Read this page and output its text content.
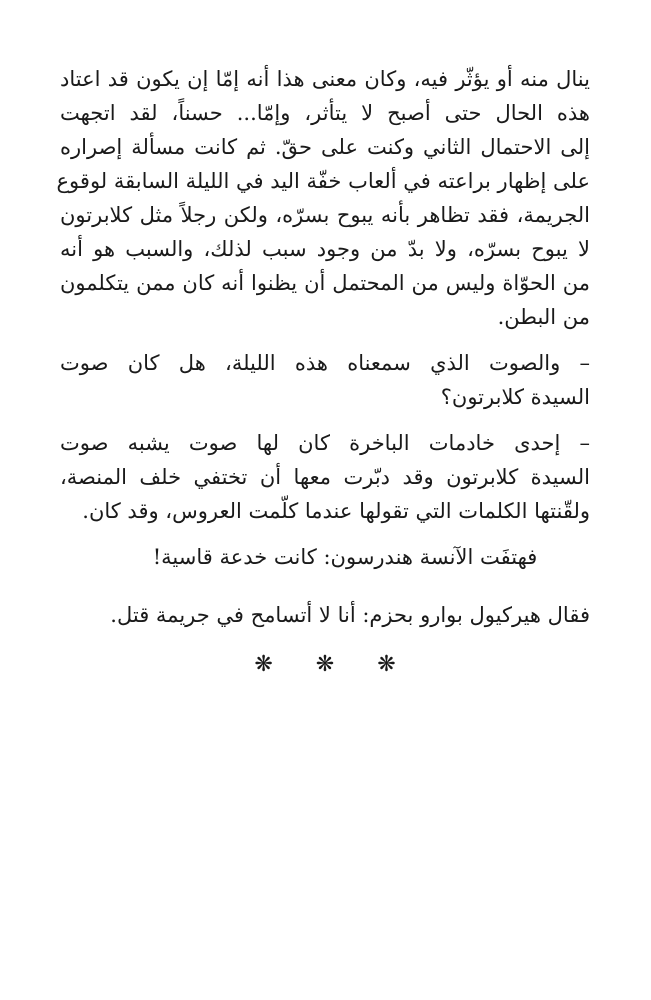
ينال منه أو يؤثّر فيه، وكان معنى هذا أنه إمّا إن يكون قد اعتاد
هذه الحال حتى أصبح لا يتأثر، وإمّا... حسناً، لقد اتجهت
إلى الاحتمال الثاني وكنت على حقّ. ثم كانت مسألة إصراره
على إظهار براعته في ألعاب خفّة اليد في الليلة السابقة لوقوع
الجريمة، فقد تظاهر بأنه يبوح بسرّه، ولكن رجلاً مثل كلابرتون
لا يبوح بسرّه، ولا بدّ من وجود سبب لذلك، والسبب هو أنه
من الحوّاة وليس من المحتمل أن يظنوا أنه كان ممن يتكلمون
من البطن.
– والصوت الذي سمعناه هذه الليلة، هل كان صوت
السيدة كلابرتون؟
– إحدى خادمات الباخرة كان لها صوت يشبه صوت
السيدة كلابرتون وقد دبّرت معها أن تختفي خلف المنصة،
ولقّنتها الكلمات التي تقولها عندما كلّمت العروس، وقد كان.
فهتفَت الآنسة هندرسون: كانت خدعة قاسية!
فقال هيركيول بوارو بحزم: أنا لا أتسامح في جريمة قتل.
❋ ❋ ❋
